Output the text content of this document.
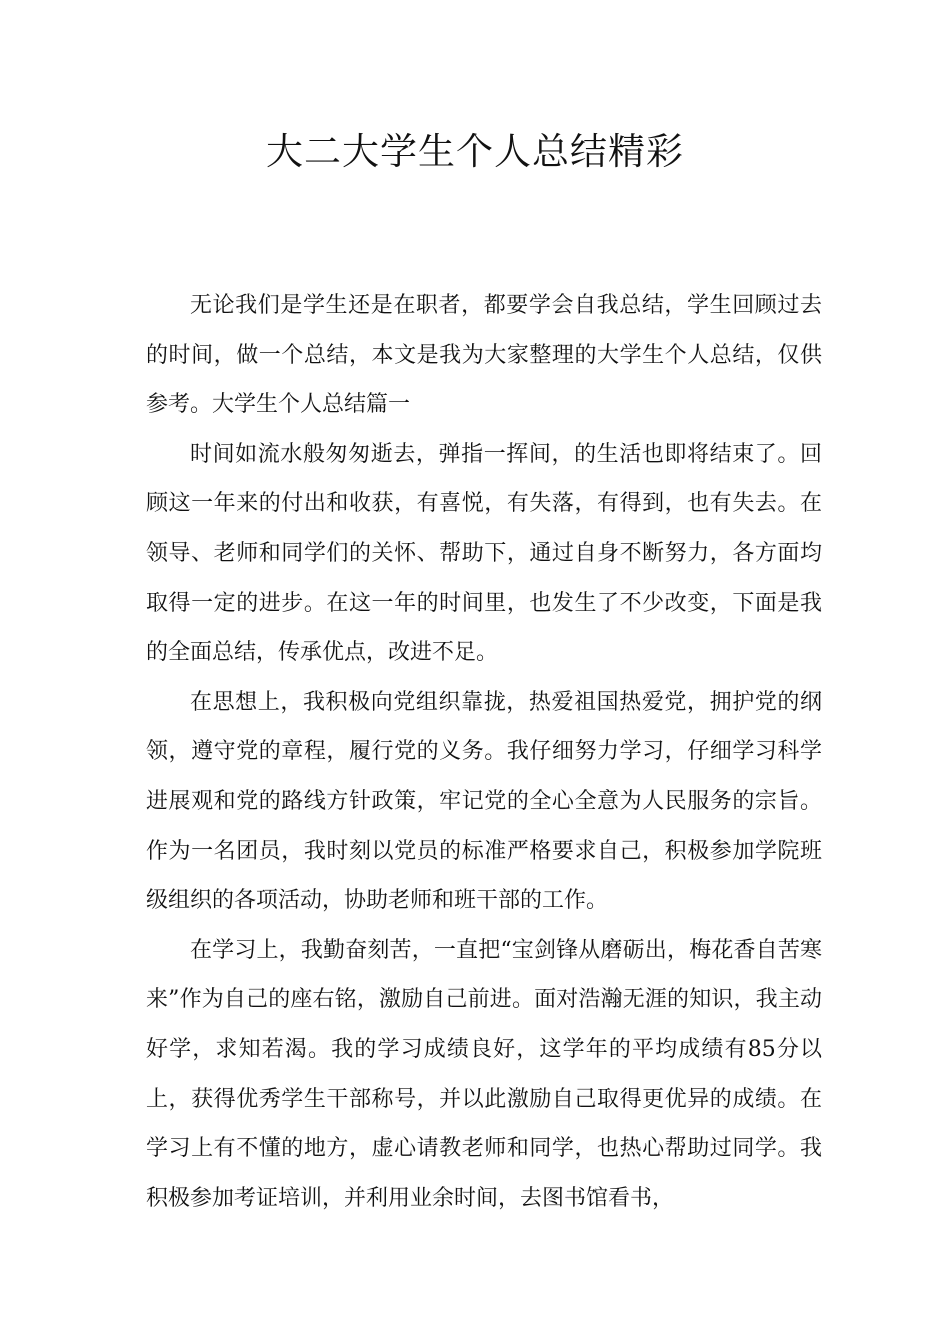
大二大学生个人总结精彩

无论我们是学生还是在职者，都要学会自我总结，学生回顾过去的时间，做一个总结，本文是我为大家整理的大学生个人总结，仅供参考。大学生个人总结篇一

时间如流水般匆匆逝去，弹指一挥间，的生活也即将结束了。回顾这一年来的付出和收获，有喜悦，有失落，有得到，也有失去。在领导、老师和同学们的关怀、帮助下，通过自身不断努力，各方面均取得一定的进步。在这一年的时间里，也发生了不少改变，下面是我的全面总结，传承优点，改进不足。

在思想上，我积极向党组织靠拢，热爱祖国热爱党，拥护党的纲领，遵守党的章程，履行党的义务。我仔细努力学习，仔细学习科学进展观和党的路线方针政策，牢记党的全心全意为人民服务的宗旨。 作为一名团员，我时刻以党员的标准严格要求自己，积极参加学院班级组织的各项活动，协助老师和班干部的工作。

在学习上，我勤奋刻苦，一直把“宝剑锋从磨砺出，梅花香自苦寒来”作为自己的座右铭，激励自己前进。面对浩瀚无涯的知识，我主动好学，求知若渴。我的学习成绩良好，这学年的平均成绩有85分以上，获得优秀学生干部称号，并以此激励自己取得更优异的成绩。在学习上有不懂的地方，虚心请教老师和同学，也热心帮助过同学。我积极参加考证培训，并利用业余时间，去图书馆看书，
